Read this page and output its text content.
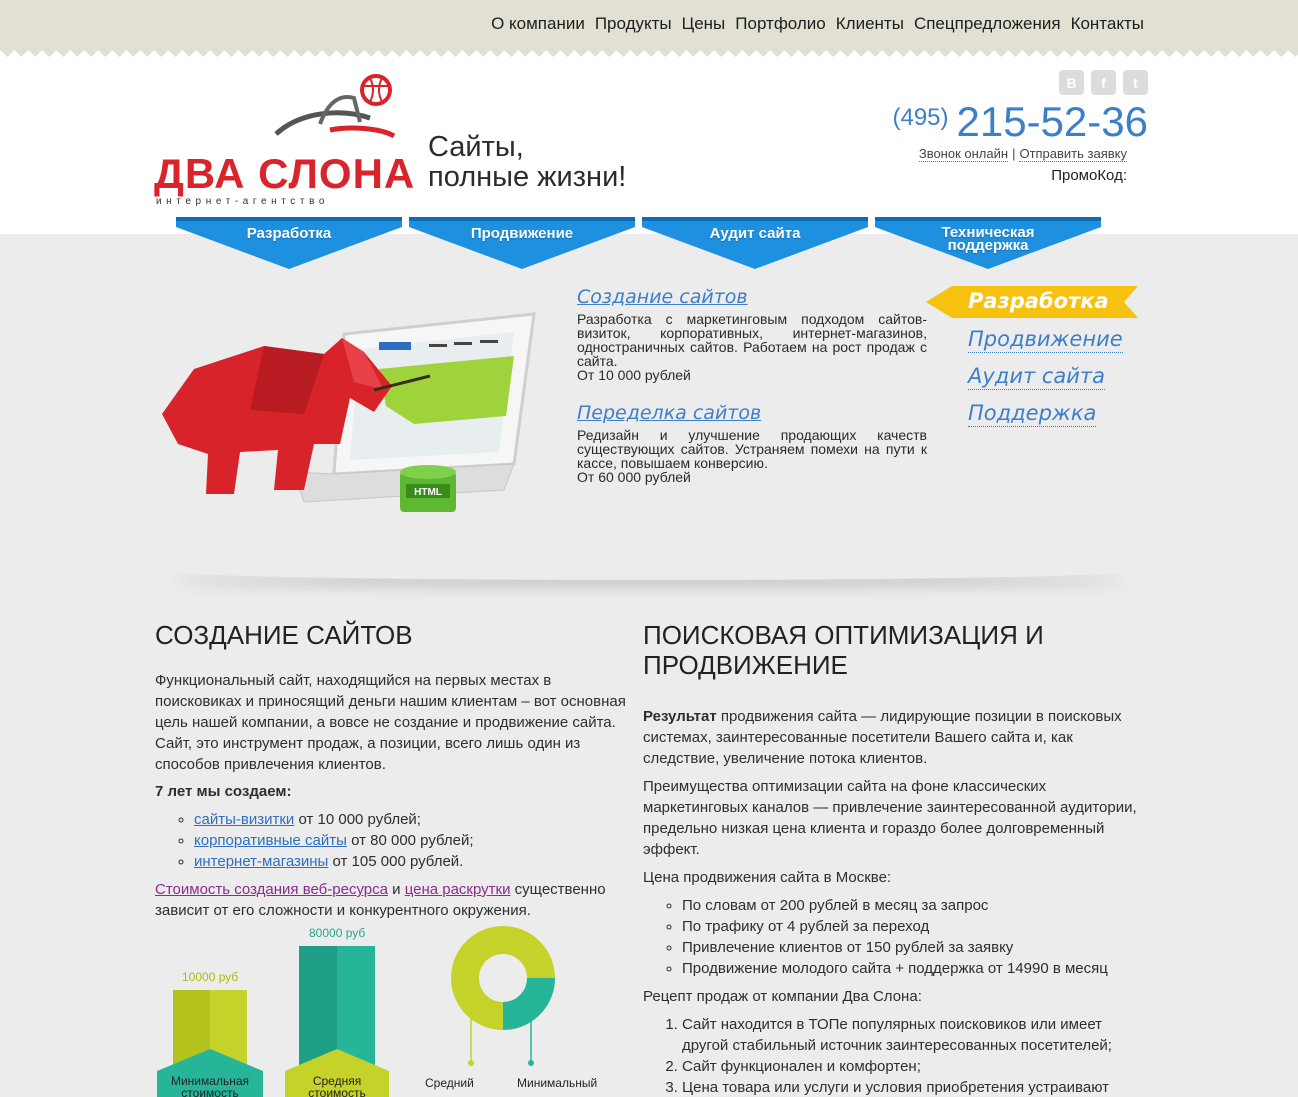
О компании Продукты Цены Портфолио Клиенты Спецпредложения Контакты
ДВА СЛОНА
интернет-агентство
Сайты,
полные жизни!
В	f	t
(495) 215-52-36
Звонок онлайн | Отправить заявку
ПромоКод:
HTML
Создание сайтов
Разработка с маркетинговым подходом сайтов-визиток, корпоративных, интернет-магазинов, одностраничных сайтов. Работаем на рост продаж с сайта.
От 10 000 рублей
Переделка сайтов
Редизайн и улучшение продающих качеств существующих сайтов. Устраняем помехи на пути к кассе, повышаем конверсию.
От 60 000 рублей
Разработка
Продвижение
Аудит сайта
Поддержка
Разработка	Продвижение	Аудит сайта	Техническая
поддержка
СОЗДАНИЕ САЙТОВ

Функциональный сайт, находящийся на первых местах в поисковиках и приносящий деньги нашим клиентам – вот основная цель нашей компании, а вовсе не создание и продвижение сайта. Сайт, это инструмент продаж, а позиции, всего лишь один из способов привлечения клиентов.

7 лет мы создаем:

◦ сайты-визитки от 10 000 рублей;
◦ корпоративные сайты от 80 000 рублей;
◦ интернет-магазины от 105 000 рублей.

Стоимость создания веб-ресурса и цена раскрутки существенно зависит от его сложности и конкурентного окружения.

10000 руб
80000 руб
Минимальная
стоимость
Средняя
стоимость
Средний	Минимальный
ПОИСКОВАЯ ОПТИМИЗАЦИЯ И
ПРОДВИЖЕНИЕ

Результат продвижения сайта — лидирующие позиции в поисковых системах, заинтересованные посетители Вашего сайта и, как следствие, увеличение потока клиентов.

Преимущества оптимизации сайта на фоне классических маркетинговых каналов — привлечение заинтересованной аудитории, предельно низкая цена клиента и гораздо более долговременный эффект.

Цена продвижения сайта в Москве:

◦ По словам от 200 рублей в месяц за запрос
◦ По трафику от 4 рублей за переход
◦ Привлечение клиентов от 150 рублей за заявку
◦ Продвижение молодого сайта + поддержка от 14990 в месяц

Рецепт продаж от компании Два Слона:

1. Сайт находится в ТОПе популярных поисковиков или имеет другой стабильный источник заинтересованных посетителей;
2. Сайт функционален и комфортен;
3. Цена товара или услуги и условия приобретения устраивают
